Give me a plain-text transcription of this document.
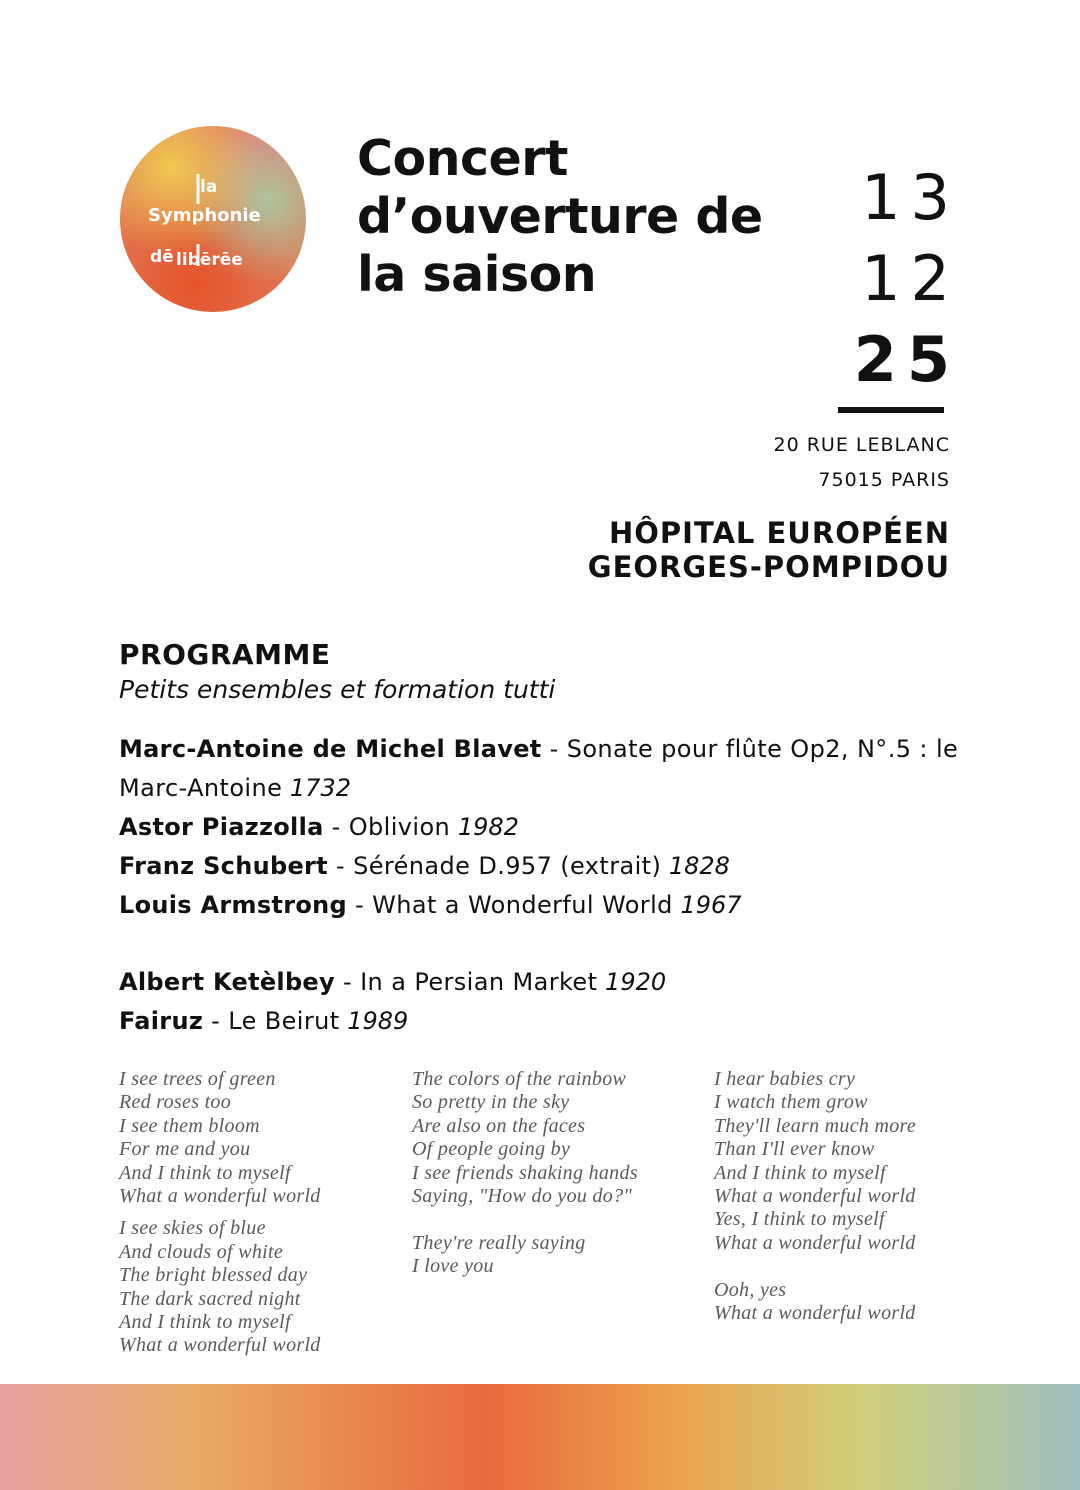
la
Symphonie
dē libērēe
Concert
d’ouverture de
la saison
13
12
25
20 RUE LEBLANC
75015 PARIS
HÔPITAL EUROPÉEN
GEORGES-POMPIDOU
PROGRAMME
Petits ensembles et formation tutti
Marc-Antoine de Michel Blavet - Sonate pour flûte Op2, N°.5 : le Marc-Antoine 1732
Astor Piazzolla - Oblivion 1982
Franz Schubert - Sérénade D.957 (extrait) 1828
Louis Armstrong - What a Wonderful World 1967
Albert Ketèlbey - In a Persian Market 1920
Fairuz - Le Beirut 1989
I see trees of green
Red roses too
I see them bloom
For me and you
And I think to myself
What a wonderful world
I see skies of blue
And clouds of white
The bright blessed day
The dark sacred night
And I think to myself
What a wonderful world
The colors of the rainbow
So pretty in the sky
Are also on the faces
Of people going by
I see friends shaking hands
Saying, "How do you do?"
They're really saying
I love you
I hear babies cry
I watch them grow
They'll learn much more
Than I'll ever know
And I think to myself
What a wonderful world
Yes, I think to myself
What a wonderful world
Ooh, yes
What a wonderful world
